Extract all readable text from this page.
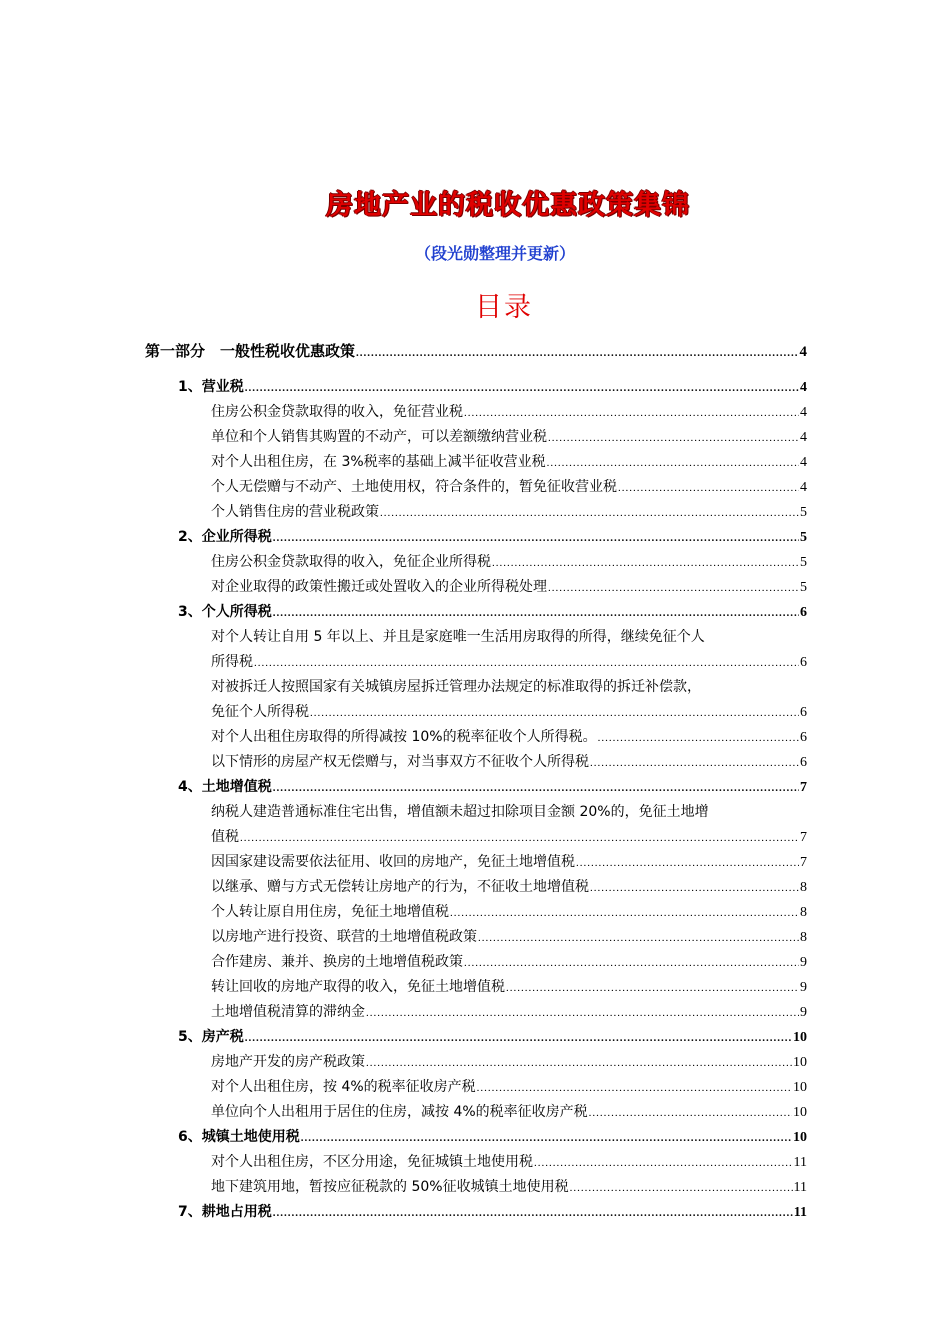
房地产业的税收优惠政策集锦
（段光勋整理并更新）
目录
第一部分　一般性税收优惠政策 .....	4
1、营业税 .....	4
住房公积金贷款取得的收入，免征营业税 .....	4
单位和个人销售其购置的不动产，可以差额缴纳营业税 .....	4
对个人出租住房，在 3%税率的基础上减半征收营业税 .....	4
个人无偿赠与不动产、土地使用权，符合条件的，暂免征收营业税 .....	4
个人销售住房的营业税政策 .....	5
2、企业所得税 .....	5
住房公积金贷款取得的收入，免征企业所得税 .....	5
对企业取得的政策性搬迁或处置收入的企业所得税处理 .....	5
3、个人所得税 .....	6
对个人转让自用 5 年以上、并且是家庭唯一生活用房取得的所得，继续免征个人
所得税 .....	6
对被拆迁人按照国家有关城镇房屋拆迁管理办法规定的标准取得的拆迁补偿款，
免征个人所得税 .....	6
对个人出租住房取得的所得减按 10%的税率征收个人所得税。 .....	6
以下情形的房屋产权无偿赠与，对当事双方不征收个人所得税 .....	6
4、土地增值税 .....	7
纳税人建造普通标准住宅出售，增值额未超过扣除项目金额 20%的，免征土地增
值税 .....	7
因国家建设需要依法征用、收回的房地产，免征土地增值税 .....	7
以继承、赠与方式无偿转让房地产的行为，不征收土地增值税 .....	8
个人转让原自用住房，免征土地增值税 .....	8
以房地产进行投资、联营的土地增值税政策 .....	8
合作建房、兼并、换房的土地增值税政策 .....	9
转让回收的房地产取得的收入，免征土地增值税 .....	9
土地增值税清算的滞纳金 .....	9
5、房产税 .....	10
房地产开发的房产税政策 .....	10
对个人出租住房，按 4%的税率征收房产税 .....	10
单位向个人出租用于居住的住房，减按 4%的税率征收房产税 .....	10
6、城镇土地使用税 .....	10
对个人出租住房，不区分用途，免征城镇土地使用税 .....	11
地下建筑用地，暂按应征税款的 50%征收城镇土地使用税 .....	11
7、耕地占用税 .....	11
